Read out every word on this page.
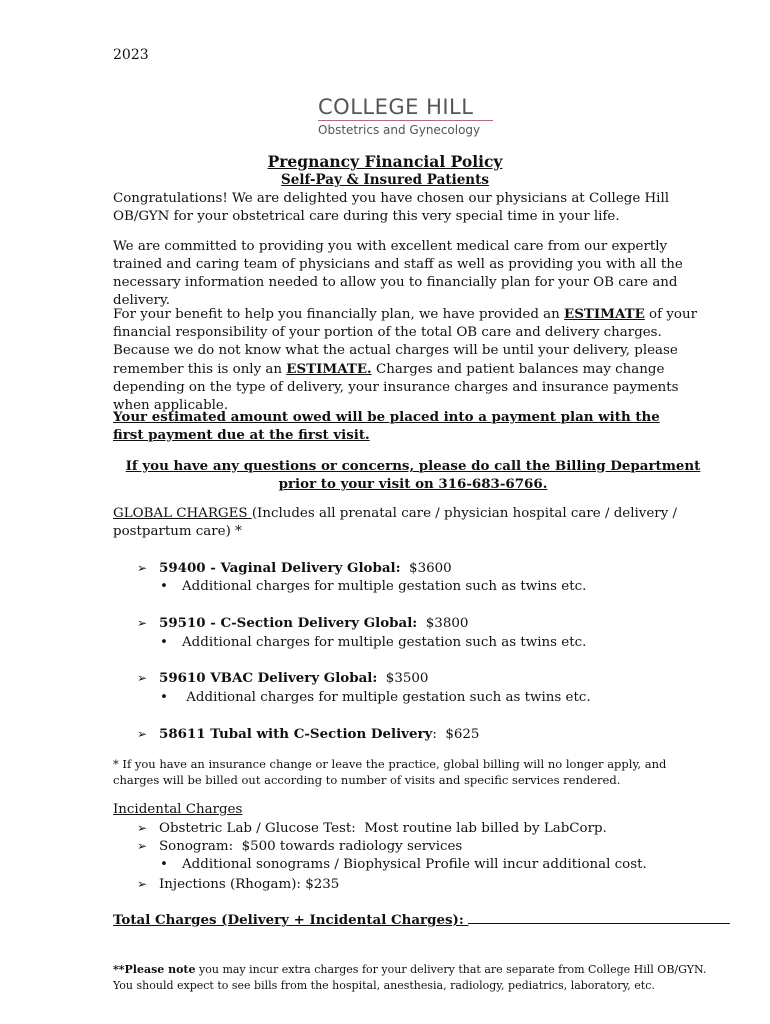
2023
COLLEGE HILL
Obstetrics and Gynecology
Pregnancy Financial Policy
Self-Pay & Insured Patients

Congratulations! We are delighted you have chosen our physicians at College Hill OB/GYN for your obstetrical care during this very special time in your life.

We are committed to providing you with excellent medical care from our expertly trained and caring team of physicians and staff as well as providing you with all the necessary information needed to allow you to financially plan for your OB care and delivery.

For your benefit to help you financially plan, we have provided an ESTIMATE of your financial responsibility of your portion of the total OB care and delivery charges. Because we do not know what the actual charges will be until your delivery, please remember this is only an ESTIMATE. Charges and patient balances may change depending on the type of delivery, your insurance charges and insurance payments when applicable.

Your estimated amount owed will be placed into a payment plan with the first payment due at the first visit.

If you have any questions or concerns, please do call the Billing Department prior to your visit on 316-683-6766.

GLOBAL CHARGES (Includes all prenatal care / physician hospital care / delivery / postpartum care) *

➢ 59400 - Vaginal Delivery Global:  $3600
• Additional charges for multiple gestation such as twins etc.
➢ 59510 - C-Section Delivery Global:  $3800
• Additional charges for multiple gestation such as twins etc.
➢ 59610 VBAC Delivery Global:  $3500
• Additional charges for multiple gestation such as twins etc.
➢ 58611 Tubal with C-Section Delivery:  $625

* If you have an insurance change or leave the practice, global billing will no longer apply, and charges will be billed out according to number of visits and specific services rendered.

Incidental Charges
➢ Obstetric Lab / Glucose Test:  Most routine lab billed by LabCorp.
➢ Sonogram:  $500 towards radiology services
• Additional sonograms / Biophysical Profile will incur additional cost.
➢ Injections (Rhogam): $235
Total Charges (Delivery + Incidental Charges):

**Please note you may incur extra charges for your delivery that are separate from College Hill OB/GYN. You should expect to see bills from the hospital, anesthesia, radiology, pediatrics, laboratory, etc.
